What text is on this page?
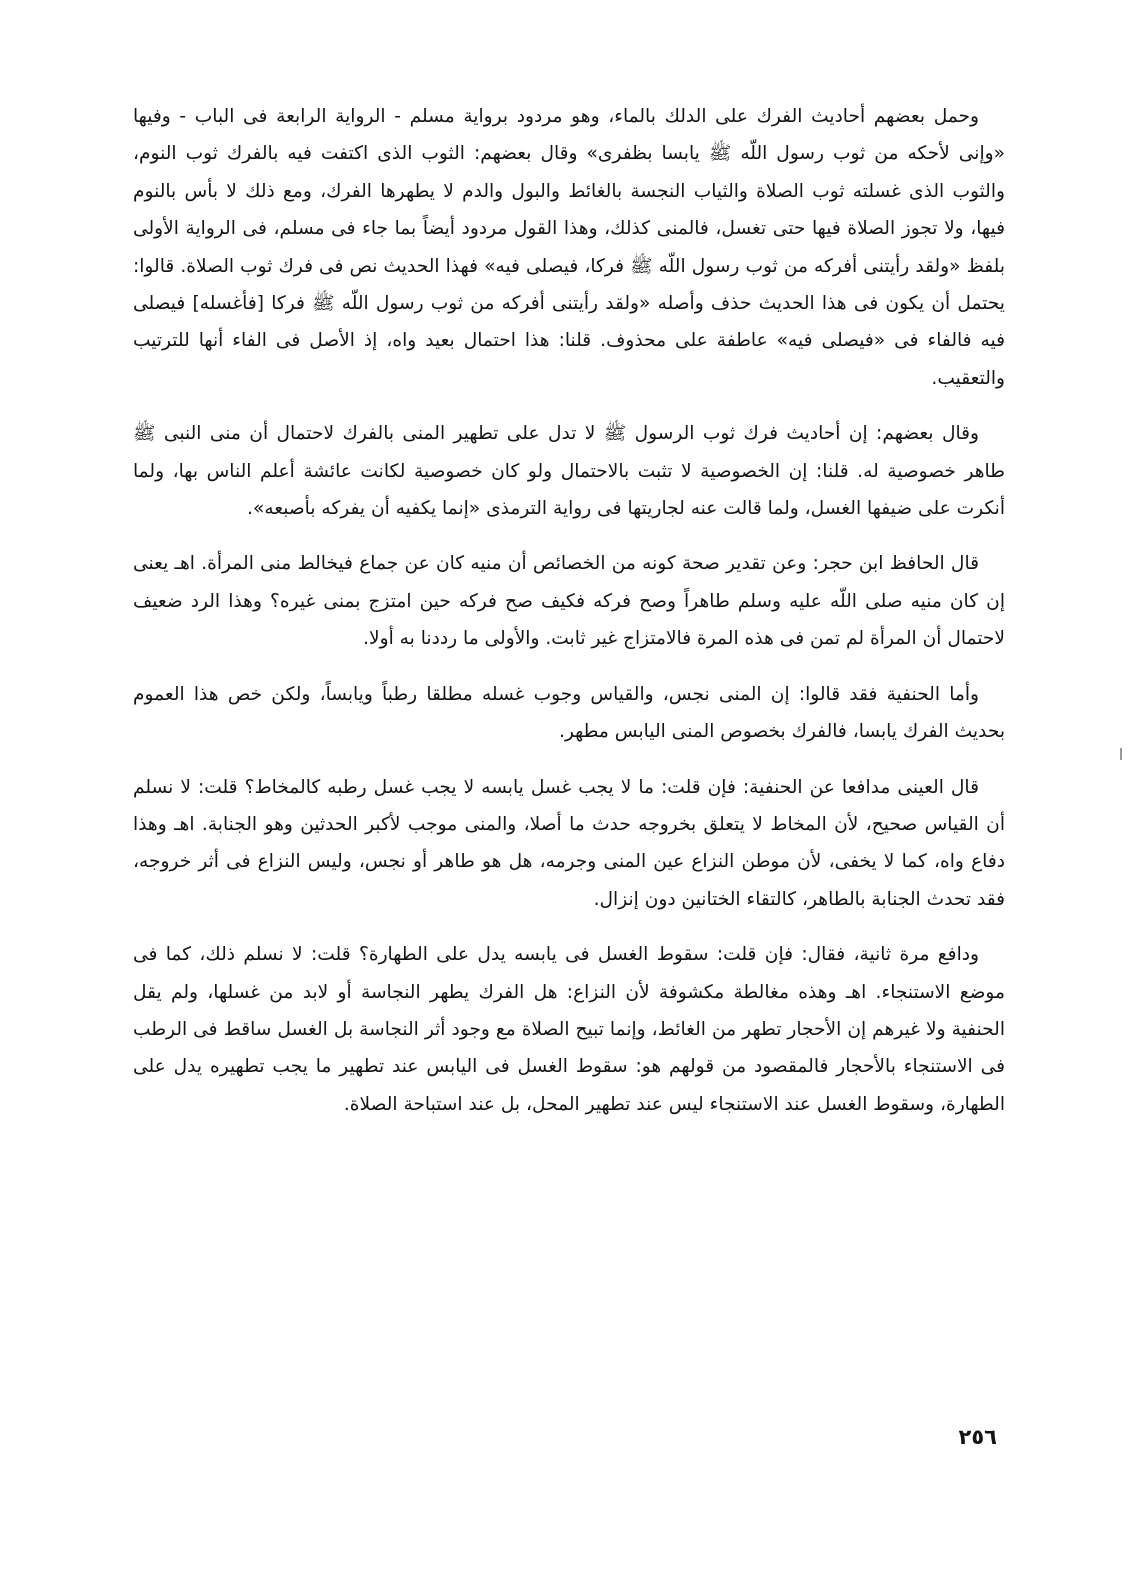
وحمل بعضهم أحاديث الفرك على الدلك بالماء، وهو مردود برواية مسلم - الرواية الرابعة فى الباب - وفيها «وإنى لأحكه من ثوب رسول اللّه ﷺ يابسا بظفرى» وقال بعضهم: الثوب الذى اكتفت فيه بالفرك ثوب النوم، والثوب الذى غسلته ثوب الصلاة والثياب النجسة بالغائط والبول والدم لا يطهرها الفرك، ومع ذلك لا بأس بالنوم فيها، ولا تجوز الصلاة فيها حتى تغسل، فالمنى كذلك، وهذا القول مردود أيضاً بما جاء فى مسلم، فى الرواية الأولى بلفظ «ولقد رأيتنى أفركه من ثوب رسول اللّه ﷺ فركا، فيصلى فيه» فهذا الحديث نص فى فرك ثوب الصلاة. قالوا: يحتمل أن يكون فى هذا الحديث حذف وأصله «ولقد رأيتنى أفركه من ثوب رسول اللّه ﷺ فركا [فأغسله] فيصلى فيه فالفاء فى «فيصلى فيه» عاطفة على محذوف. قلنا: هذا احتمال بعيد واه، إذ الأصل فى الفاء أنها للترتيب والتعقيب.

وقال بعضهم: إن أحاديث فرك ثوب الرسول ﷺ لا تدل على تطهير المنى بالفرك لاحتمال أن منى النبى ﷺ طاهر خصوصية له. قلنا: إن الخصوصية لا تثبت بالاحتمال ولو كان خصوصية لكانت عائشة أعلم الناس بها، ولما أنكرت على ضيفها الغسل، ولما قالت عنه لجاريتها فى رواية الترمذى «إنما يكفيه أن يفركه بأصبعه».

قال الحافظ ابن حجر: وعن تقدير صحة كونه من الخصائص أن منيه كان عن جماع فيخالط منى المرأة. اهـ يعنى إن كان منيه صلى اللّه عليه وسلم طاهراً وصح فركه فكيف صح فركه حين امتزج بمنى غيره؟ وهذا الرد ضعيف لاحتمال أن المرأة لم تمن فى هذه المرة فالامتزاج غير ثابت. والأولى ما رددنا به أولا.

وأما الحنفية فقد قالوا: إن المنى نجس، والقياس وجوب غسله مطلقا رطباً ويابساً، ولكن خص هذا العموم بحديث الفرك يابسا، فالفرك بخصوص المنى اليابس مطهر.

قال العينى مدافعا عن الحنفية: فإن قلت: ما لا يجب غسل يابسه لا يجب غسل رطبه كالمخاط؟ قلت: لا نسلم أن القياس صحيح، لأن المخاط لا يتعلق بخروجه حدث ما أصلا، والمنى موجب لأكبر الحدثين وهو الجنابة. اهـ وهذا دفاع واه، كما لا يخفى، لأن موطن النزاع عين المنى وجرمه، هل هو طاهر أو نجس، وليس النزاع فى أثر خروجه، فقد تحدث الجنابة بالطاهر، كالتقاء الختانين دون إنزال.

ودافع مرة ثانية، فقال: فإن قلت: سقوط الغسل فى يابسه يدل على الطهارة؟ قلت: لا نسلم ذلك، كما فى موضع الاستنجاء. اهـ وهذه مغالطة مكشوفة لأن النزاع: هل الفرك يطهر النجاسة أو لابد من غسلها، ولم يقل الحنفية ولا غيرهم إن الأحجار تطهر من الغائط، وإنما تبيح الصلاة مع وجود أثر النجاسة بل الغسل ساقط فى الرطب فى الاستنجاء بالأحجار فالمقصود من قولهم هو: سقوط الغسل فى اليابس عند تطهير ما يجب تطهيره يدل على الطهارة، وسقوط الغسل عند الاستنجاء ليس عند تطهير المحل، بل عند استباحة الصلاة.

٢٥٦
